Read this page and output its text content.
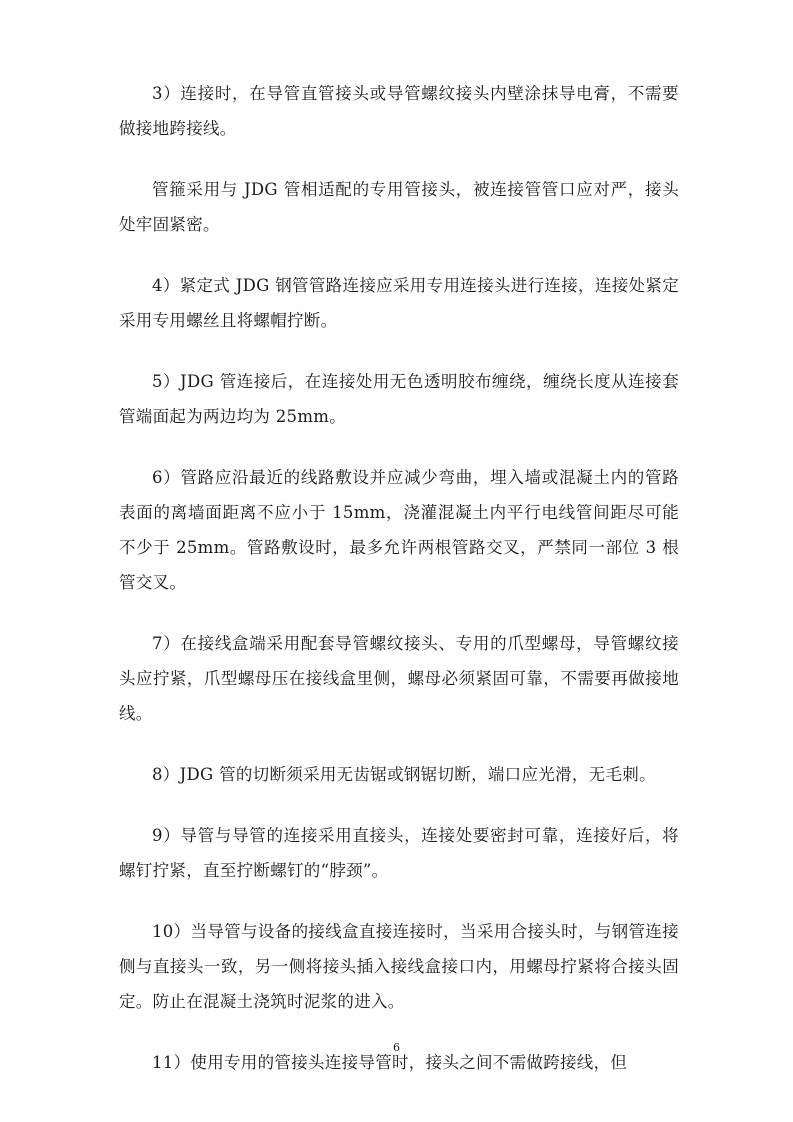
3）连接时，在导管直管接头或导管螺纹接头内壁涂抹导电膏，不需要做接地跨接线。

管箍采用与 JDG 管相适配的专用管接头，被连接管管口应对严，接头处牢固紧密。

4）紧定式 JDG 钢管管路连接应采用专用连接头进行连接，连接处紧定采用专用螺丝且将螺帽拧断。

5）JDG 管连接后，在连接处用无色透明胶布缠绕，缠绕长度从连接套管端面起为两边均为 25mm。

6）管路应沿最近的线路敷设并应减少弯曲，埋入墙或混凝土内的管路表面的离墙面距离不应小于 15mm，浇灌混凝土内平行电线管间距尽可能不少于 25mm。管路敷设时，最多允许两根管路交叉，严禁同一部位 3 根管交叉。

7）在接线盒端采用配套导管螺纹接头、专用的爪型螺母，导管螺纹接头应拧紧，爪型螺母压在接线盒里侧，螺母必须紧固可靠，不需要再做接地线。

8）JDG 管的切断须采用无齿锯或钢锯切断，端口应光滑，无毛刺。

9）导管与导管的连接采用直接头，连接处要密封可靠，连接好后，将螺钉拧紧，直至拧断螺钉的“脖颈”。

10）当导管与设备的接线盒直接连接时，当采用合接头时，与钢管连接侧与直接头一致，另一侧将接头插入接线盒接口内，用螺母拧紧将合接头固定。防止在混凝土浇筑时泥浆的进入。

11）使用专用的管接头连接导管时，接头之间不需做跨接线，但

6
